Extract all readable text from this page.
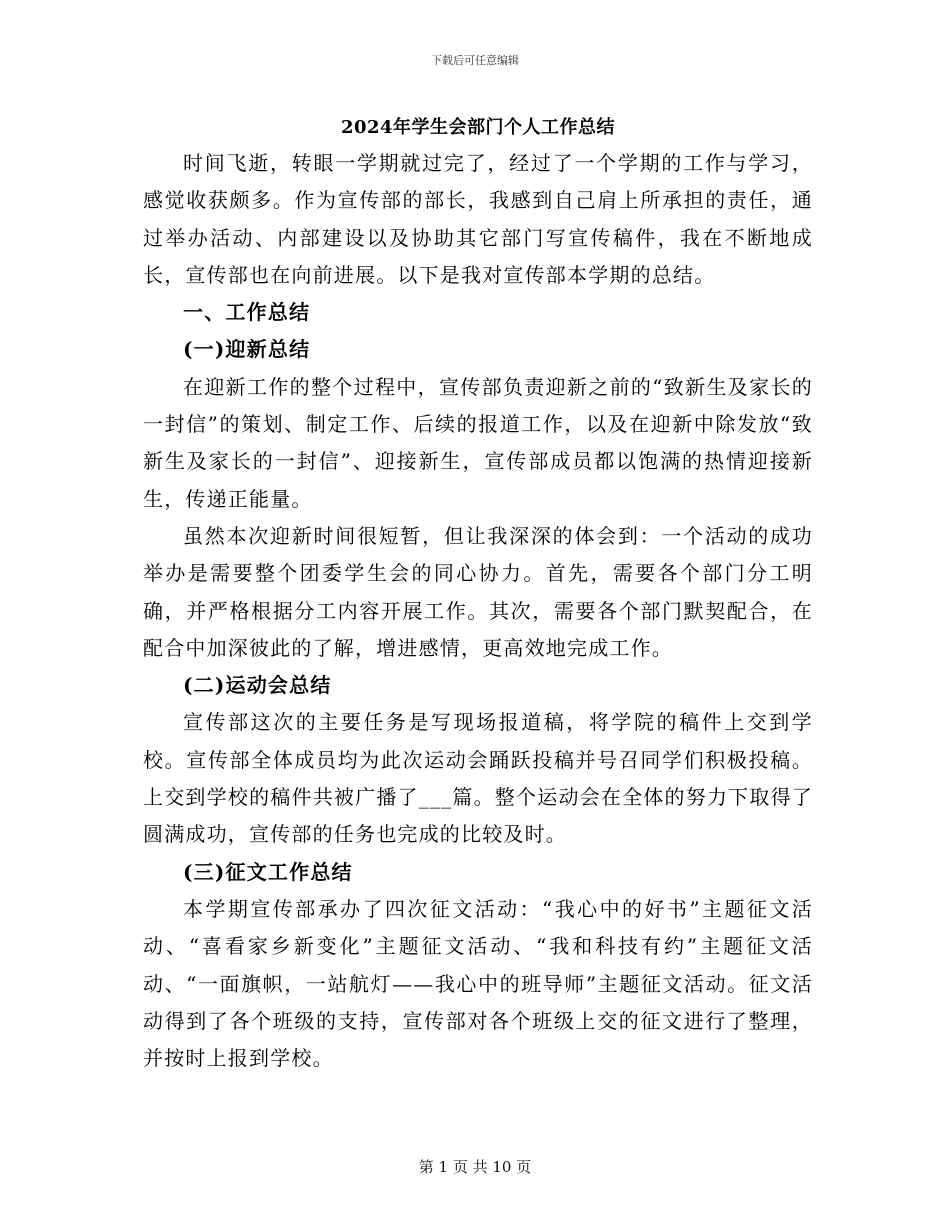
下载后可任意编辑
2024年学生会部门个人工作总结

时间飞逝，转眼一学期就过完了，经过了一个学期的工作与学习，感觉收获颇多。作为宣传部的部长，我感到自己肩上所承担的责任，通过举办活动、内部建设以及协助其它部门写宣传稿件，我在不断地成长，宣传部也在向前进展。以下是我对宣传部本学期的总结。

一、工作总结

(一)迎新总结

在迎新工作的整个过程中，宣传部负责迎新之前的“致新生及家长的一封信”的策划、制定工作、后续的报道工作，以及在迎新中除发放“致新生及家长的一封信”、迎接新生，宣传部成员都以饱满的热情迎接新生，传递正能量。

虽然本次迎新时间很短暂，但让我深深的体会到：一个活动的成功举办是需要整个团委学生会的同心协力。首先，需要各个部门分工明确，并严格根据分工内容开展工作。其次，需要各个部门默契配合，在配合中加深彼此的了解，增进感情，更高效地完成工作。

(二)运动会总结

宣传部这次的主要任务是写现场报道稿，将学院的稿件上交到学校。宣传部全体成员均为此次运动会踊跃投稿并号召同学们积极投稿。上交到学校的稿件共被广播了___篇。整个运动会在全体的努力下取得了圆满成功，宣传部的任务也完成的比较及时。

(三)征文工作总结

本学期宣传部承办了四次征文活动：“我心中的好书”主题征文活动、“喜看家乡新变化”主题征文活动、“我和科技有约”主题征文活动、“一面旗帜，一站航灯——我心中的班导师”主题征文活动。征文活动得到了各个班级的支持，宣传部对各个班级上交的征文进行了整理，并按时上报到学校。

第 1 页 共 10 页
